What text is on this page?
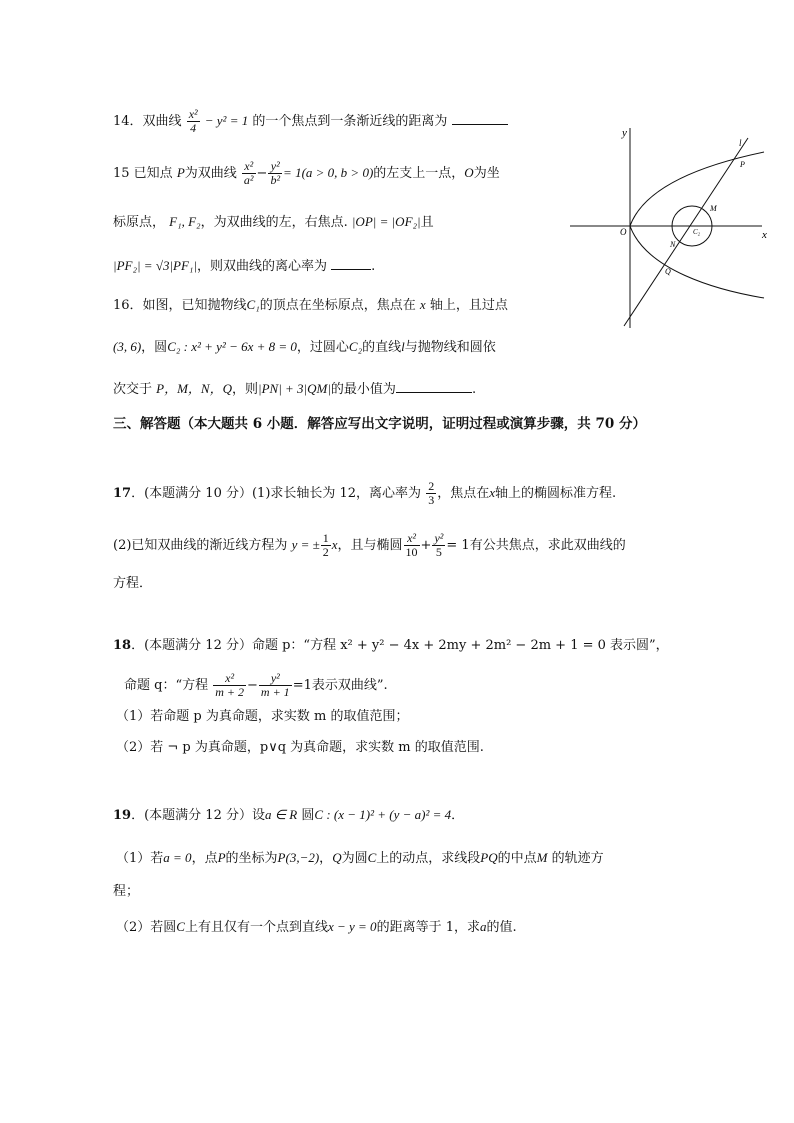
14．双曲线 $\frac{\text{x²}}{4} - y^2 = 1$ 的一个焦点到一条渐近线的距离为
15 已知点 P为双曲线 $\frac{\text{x²}}{\text{a²}} - \frac{\text{y²}}{\text{b²}} = 1(a > 0$, b > 0)的左支上一点，O为坐
标原点， F₁, F₂，为双曲线的左，右焦点. |OP| = |OF₂|且
|PF₂| = √3|PF₁|，则双曲线的离心率为	.
16．如图，已知抛物线C₁的顶点在坐标原点，焦点在 x 轴上，且过点
(3, 6)，圆C₂ : x² + y² − 6x + 8 = 0，过圆心C₂的直线l与抛物线和圆依
次交于 P，M，N，Q，则|PN| + 3|QM|的最小值为	.
y
x
O
l
P
M
C₂
N
Q
三、解答题（本大题共 6 小题．解答应写出文字说明，证明过程或演算步骤，共 70 分）
17．(本题满分 10 分）(1)求长轴长为 12，离心率为 $\frac{2}{3}$ ，焦点在x轴上的椭圆标准方程.
(2)已知双曲线的渐近线方程为 y = ± $\frac{1}{2}$ x，且与椭圆 $\frac{\text{x²}}{10} + \frac{\text{y²}}{5} = 1$有公共焦点，求此双曲线的
方程．
18．(本题满分 12 分）命题 p：“方程 x² + y² − 4x + 2my + 2m² − 2m + 1 = 0 表示圆”，
命题 q：“方程 $\frac{\text{x²}}{m + 2} - \frac{\text{y²}}{m + 1} =1$表示双曲线”.
（1）若命题 p 为真命题，求实数 m 的取值范围；
（2）若 ¬ p 为真命题，p∨q 为真命题，求实数 m 的取值范围.
19．(本题满分 12 分）设a ∈ R 圆C : (x − 1)² + (y − a)² = 4．
（1）若a = 0，点P的坐标为P(3,−2)，Q为圆C上的动点，求线段PQ的中点M 的轨迹方
程；
（2）若圆C上有且仅有一个点到直线x − y = 0的距离等于 1，求a的值.
